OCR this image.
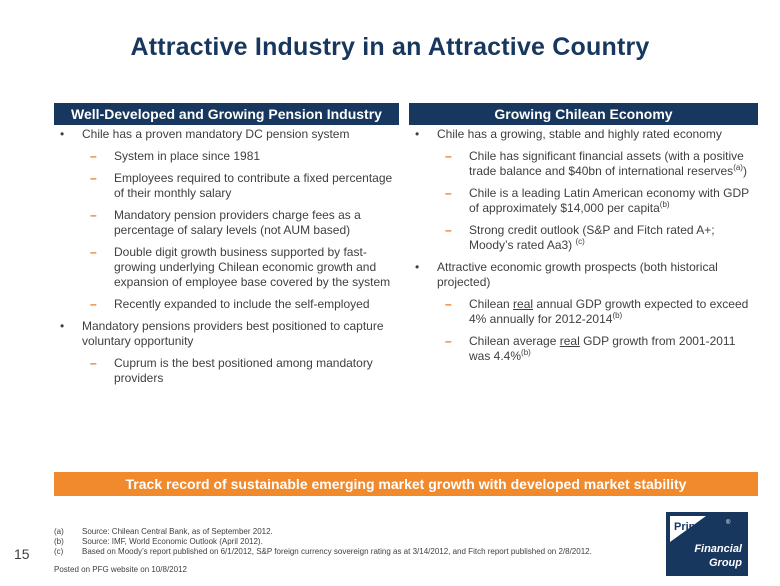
Attractive Industry in an Attractive Country
Well-Developed and Growing Pension Industry	Growing Chilean Economy
• Chile has a proven mandatory DC pension system
– System in place since 1981
– Employees required to contribute a fixed percentage of their monthly salary
– Mandatory pension providers charge fees as a percentage of salary levels (not AUM based)
– Double digit growth business supported by fast-growing underlying Chilean economic growth and expansion of employee base covered by the system
– Recently expanded to include the self-employed
• Mandatory pensions providers best positioned to capture voluntary opportunity
– Cuprum is the best positioned among mandatory providers
• Chile has a growing, stable and highly rated economy
– Chile has significant financial assets (with a positive trade balance and $40bn of international reserves$^{(a)}$)
– Chile is a leading Latin American economy with GDP of approximately $14,000 per capita$^{(b)}$
– Strong credit outlook (S&P and Fitch rated A+; Moody’s rated Aa3) $^{(c)}$
• Attractive economic growth prospects (both historical projected)
– Chilean real annual GDP growth expected to exceed 4% annually for 2012-2014$^{(b)}$
– Chilean average real GDP growth from 2001-2011 was 4.4%$^{(b)}$
Track record of sustainable emerging market growth with developed market stability
(a) Source: Chilean Central Bank, as of September 2012.
(b) Source: IMF, World Economic Outlook (April 2012).
(c) Based on Moody’s report published on 6/1/2012, S&P foreign currency sovereign rating as at 3/14/2012, and Fitch report published on 2/8/2012.
Posted on PFG website on 10/8/2012
15
Principal ®
Financial
Group
